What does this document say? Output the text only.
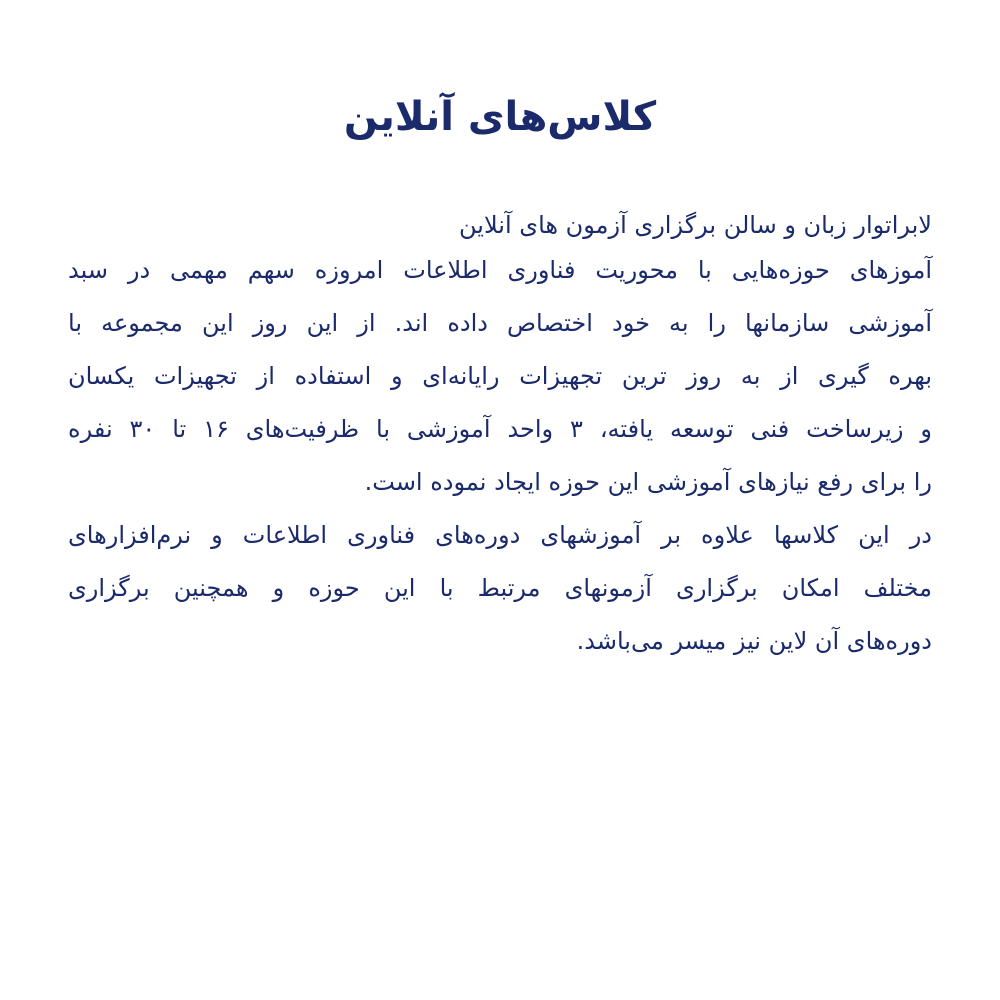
کلاس‌های آنلاین
لابراتوار زبان و سالن برگزاری آزمون های آنلاین
آموزهای حوزه‌هایی با محوریت فناوری اطلاعات امروزه سهم مهمی در سبد
آموزشی سازمانها را به خود اختصاص داده اند. از این روز این مجموعه با
بهره گیری از به روز ترین تجهیزات رایانه‌ای و استفاده از تجهیزات یکسان
و زیرساخت فنی توسعه یافته، ۳ واحد آموزشی با ظرفیت‌های ۱۶ تا ۳۰ نفره
را برای رفع نیازهای آموزشی این حوزه ایجاد نموده است.
در این کلاسها علاوه بر آموزشهای دوره‌های فناوری اطلاعات و نرم‌افزارهای
مختلف امکان برگزاری آزمونهای مرتبط با این حوزه و همچنین برگزاری
دوره‌های آن لاین نیز میسر می‌باشد.
